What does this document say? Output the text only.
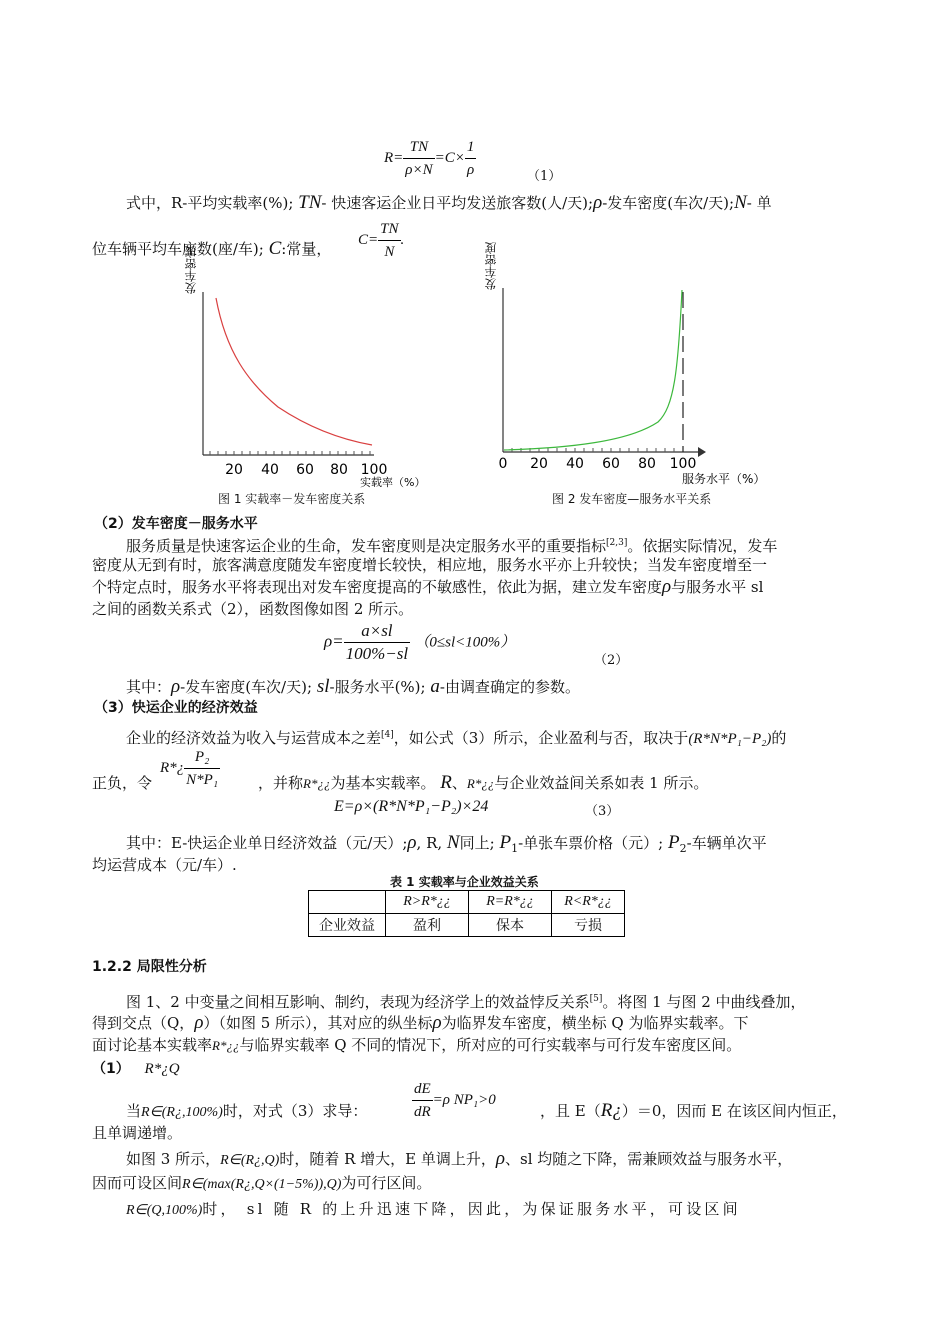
$R= \frac{TN}{\rho\times N} =C\times \frac{1}{\rho}$	（1）
式中，R-平均实载率(%); TN- 快速客运企业日平均发送旅客数(人/天);ρ-发车密度(车次/天);N- 单
位车辆平均车座数(座/车); C:常量，
$C= \frac{TN}{N}$ .
发车密度
20 40 60 80 100
实载率（%）
图 1 实载率－发车密度关系
发车密度
0 20 40 60 80 100
服务水平（%）
图 2 发车密度—服务水平关系
（2）发车密度－服务水平
服务质量是快速客运企业的生命，发车密度则是决定服务水平的重要指标[2,3]。依据实际情况，发车
密度从无到有时，旅客满意度随发车密度增长较快，相应地，服务水平亦上升较快；当发车密度增至一
个特定点时，服务水平将表现出对发车密度提高的不敏感性，依此为据，建立发车密度ρ与服务水平 sl
之间的函数关系式（2），函数图像如图 2 所示。
$\rho= \frac{a\times sl}{100\%-sl} (0\le sl<100\%)$
（2）
其中：ρ-发车密度(车次/天); sl-服务水平(%); a-由调查确定的参数。
（3）快运企业的经济效益
企业的经济效益为收入与运营成本之差[4]，如公式（3）所示，企业盈利与否，取决于(R*N*P₁−P₂)的
正负，令
R*¿ $\frac{\text{P₂}}{\text{N*P₁}}$	，并称R*¿¿为基本实载率。 R、R*¿¿与企业效益间关系如表 1 所示。
E=ρ×(R*N*P₁−P₂)×24	（3）
其中：E-快运企业单日经济效益（元/天）;ρ, R, N同上; $P_1-$单张车票价格（元）; $P_2-$车辆单次平
均运营成本（元/车）.
表 1 实载率与企业效益关系
	R>R*¿¿	R=R*¿¿	R<R*¿¿
企业效益	盈利	保本	亏损
1.2.2 局限性分析
图 1、2 中变量之间相互影响、制约，表现为经济学上的效益悖反关系[5]。将图 1 与图 2 中曲线叠加，
得到交点（Q，ρ）（如图 5 所示），其对应的纵坐标ρ为临界发车密度，横坐标 Q 为临界实载率。下
面讨论基本实载率R*¿¿与临界实载率 Q 不同的情况下，所对应的可行实载率与可行发车密度区间。
（1） R*¿Q
当R∈(R¿,100%)时，对式（3）求导：	$\frac{dE}{dR} =\rho$ NP₁>0
，且 E（R¿）＝0，因而 E 在该区间内恒正，
且单调递增。
如图 3 所示，R∈(R¿,Q)时，随着 R 增大，E 单调上升，ρ、sl 均随之下降，需兼顾效益与服务水平，
因而可设区间R∈(max(R¿,Q×(1−5%)),Q)为可行区间。
R∈(Q,100%)时， sl 随 R 的上升迅速下降，因此，为保证服务水平，可设区间
